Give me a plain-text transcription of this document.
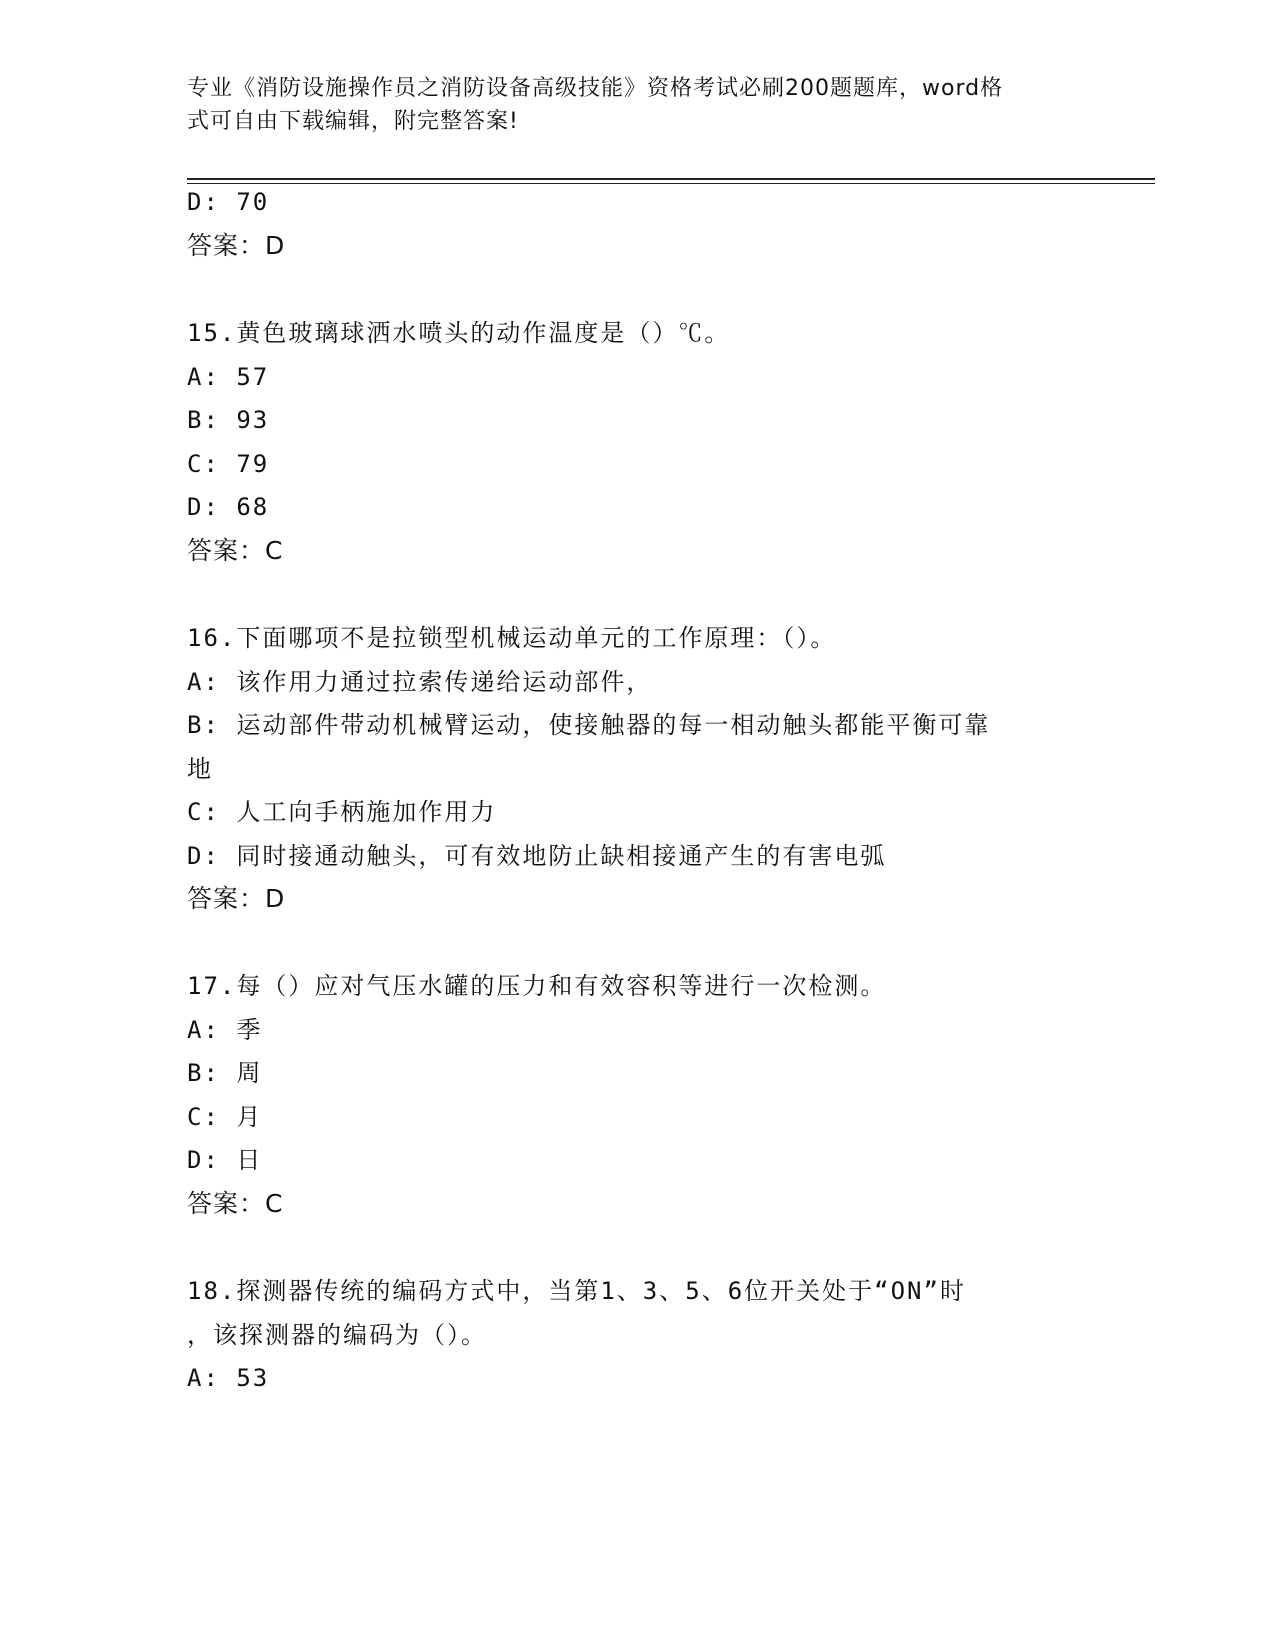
专业《消防设施操作员之消防设备高级技能》资格考试必刷200题题库，word格
式可自由下载编辑，附完整答案!
D: 70
答案：D
15.黄色玻璃球洒水喷头的动作温度是（）℃。
A: 57
B: 93
C: 79
D: 68
答案：C
16.下面哪项不是拉锁型机械运动单元的工作原理：（）。
A: 该作用力通过拉索传递给运动部件，
B: 运动部件带动机械臂运动，使接触器的每一相动触头都能平衡可靠
地
C: 人工向手柄施加作用力
D: 同时接通动触头，可有效地防止缺相接通产生的有害电弧
答案：D
17.每（）应对气压水罐的压力和有效容积等进行一次检测。
A: 季
B: 周
C: 月
D: 日
答案：C
18.探测器传统的编码方式中，当第1、3、5、6位开关处于“ON”时
，该探测器的编码为（）。
A: 53
